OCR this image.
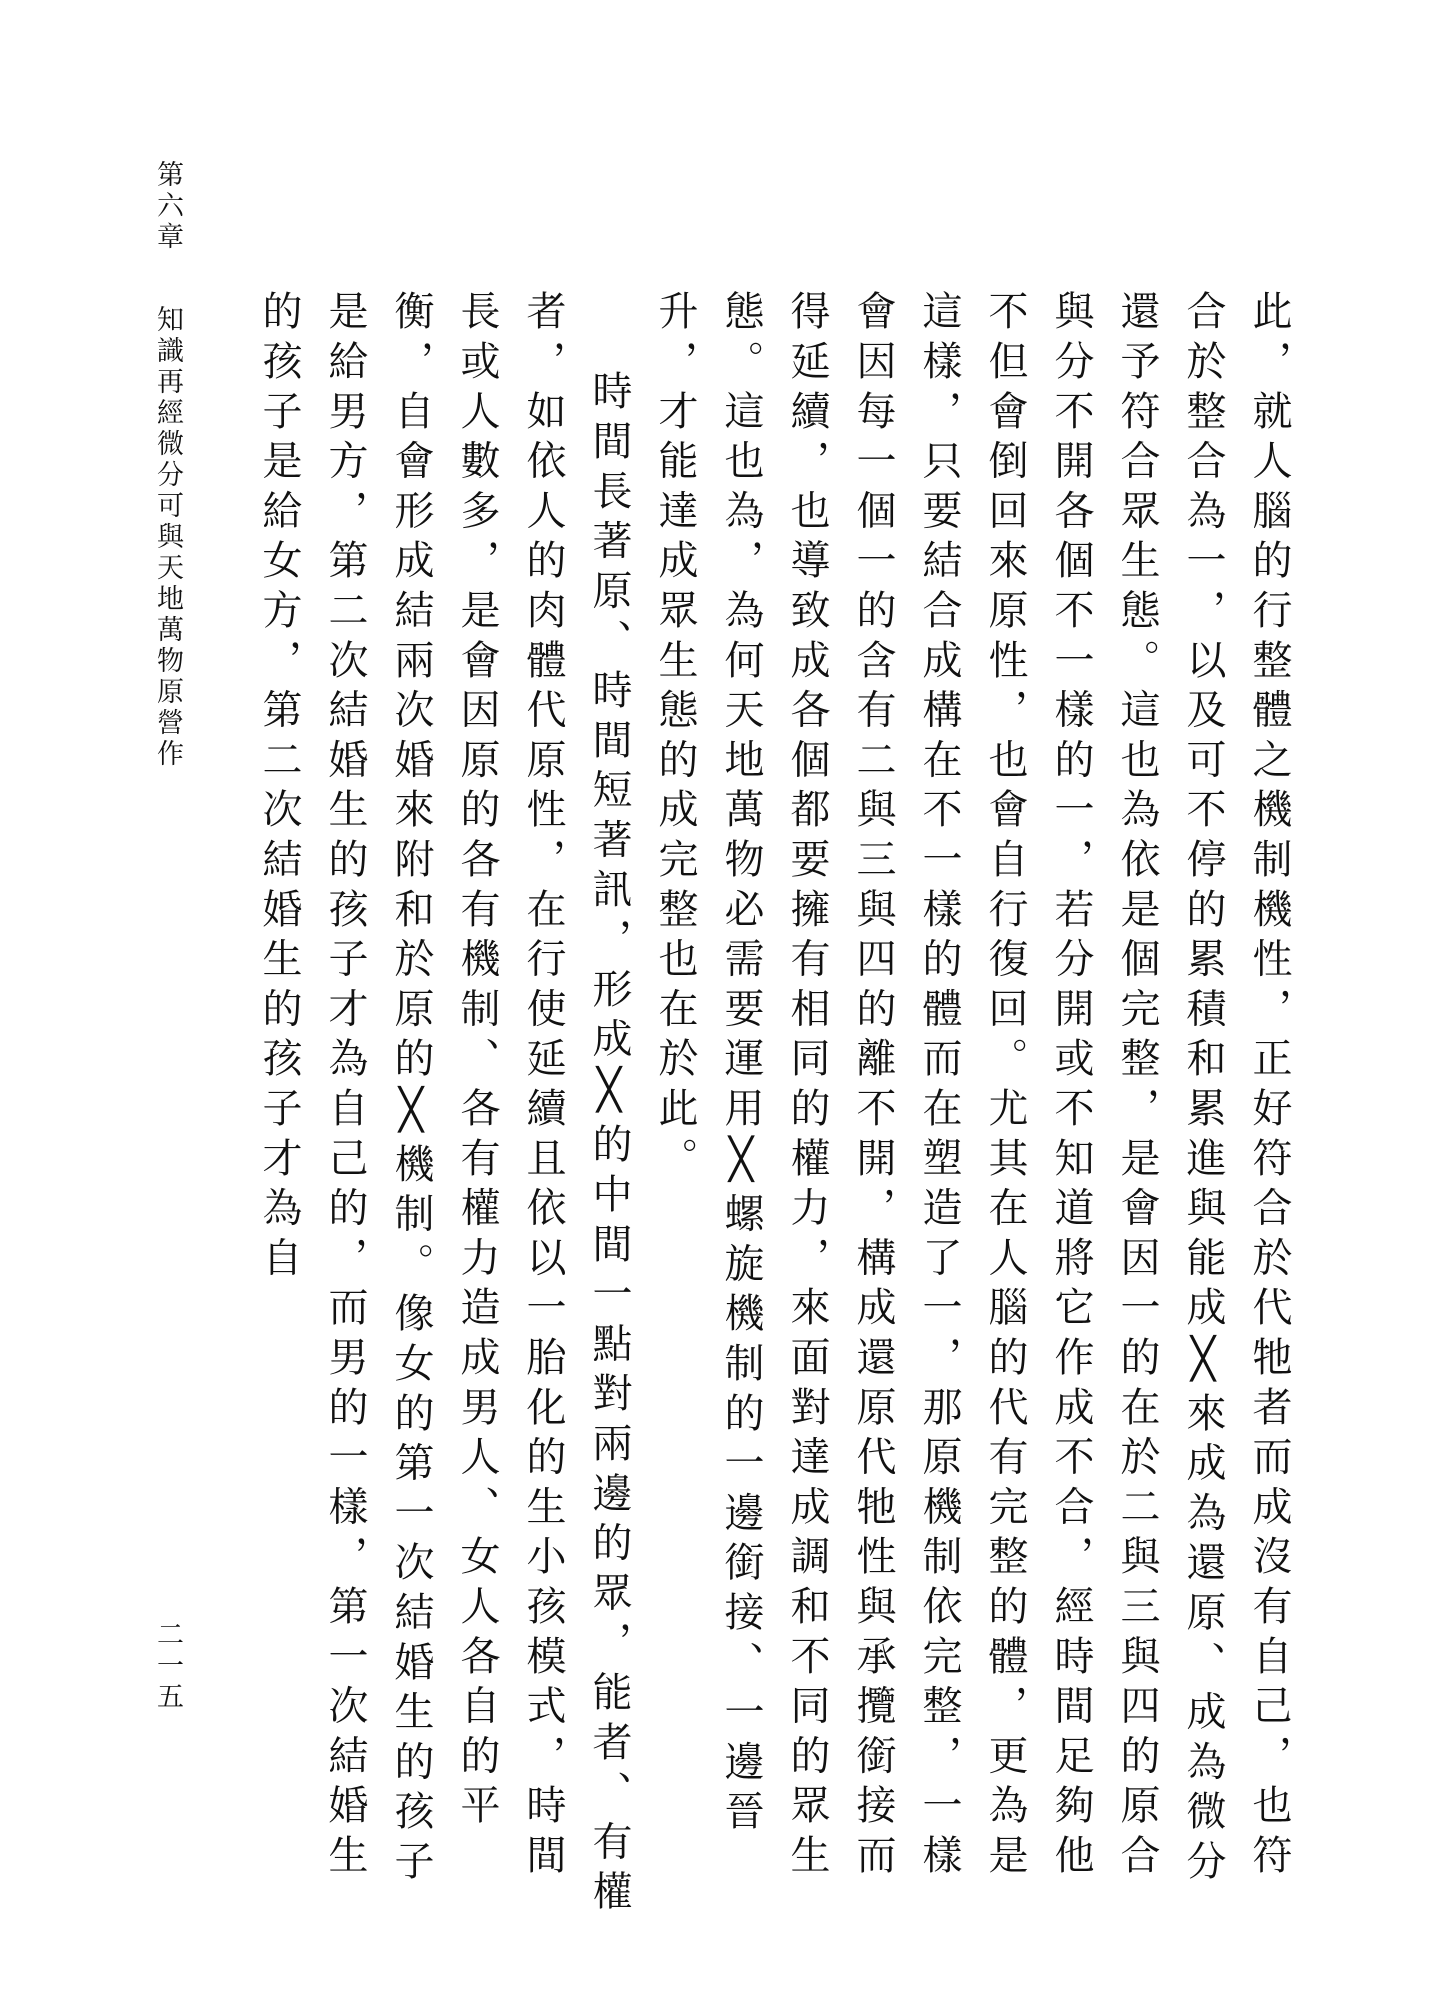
此，就人腦的行整體之機制機性，正好符合於代牠者而成沒有自己，也符合於整合為一，以及可不停的累積和累進與能成╳來成為還原、成為微分還予符合眾生態。這也為依是個完整，是會因一的在於二與三與四的原合與分不開各個不一樣的一，若分開或不知道將它作成不合，經時間足夠他不但會倒回來原性，也會自行復回。尤其在人腦的代有完整的體，更為是這樣，只要結合成構在不一樣的體而在塑造了一，那原機制依完整，一樣會因每一個一的含有二與三與四的離不開，構成還原代牠性與承攬銜接而得延續，也導致成各個都要擁有相同的權力，來面對達成調和不同的眾生態。這也為，為何天地萬物必需要運用╳螺旋機制的一邊銜接、一邊晉升，才能達成眾生態的成完整也在於此。

時間長著原、時間短著訊，形成╳的中間一點對兩邊的眾，能者、有權者，如依人的肉體代原性，在行使延續且依以一胎化的生小孩模式，時間長或人數多，是會因原的各有機制、各有權力造成男人、女人各自的平衡，自會形成結兩次婚來附和於原的╳機制。像女的第一次結婚生的孩子是給男方，第二次結婚生的孩子才為自己的，而男的一樣，第一次結婚生的孩子是給女方，第二次結婚生的孩子才為自

第六章知識再經微分可與天地萬物原營作
二一五
